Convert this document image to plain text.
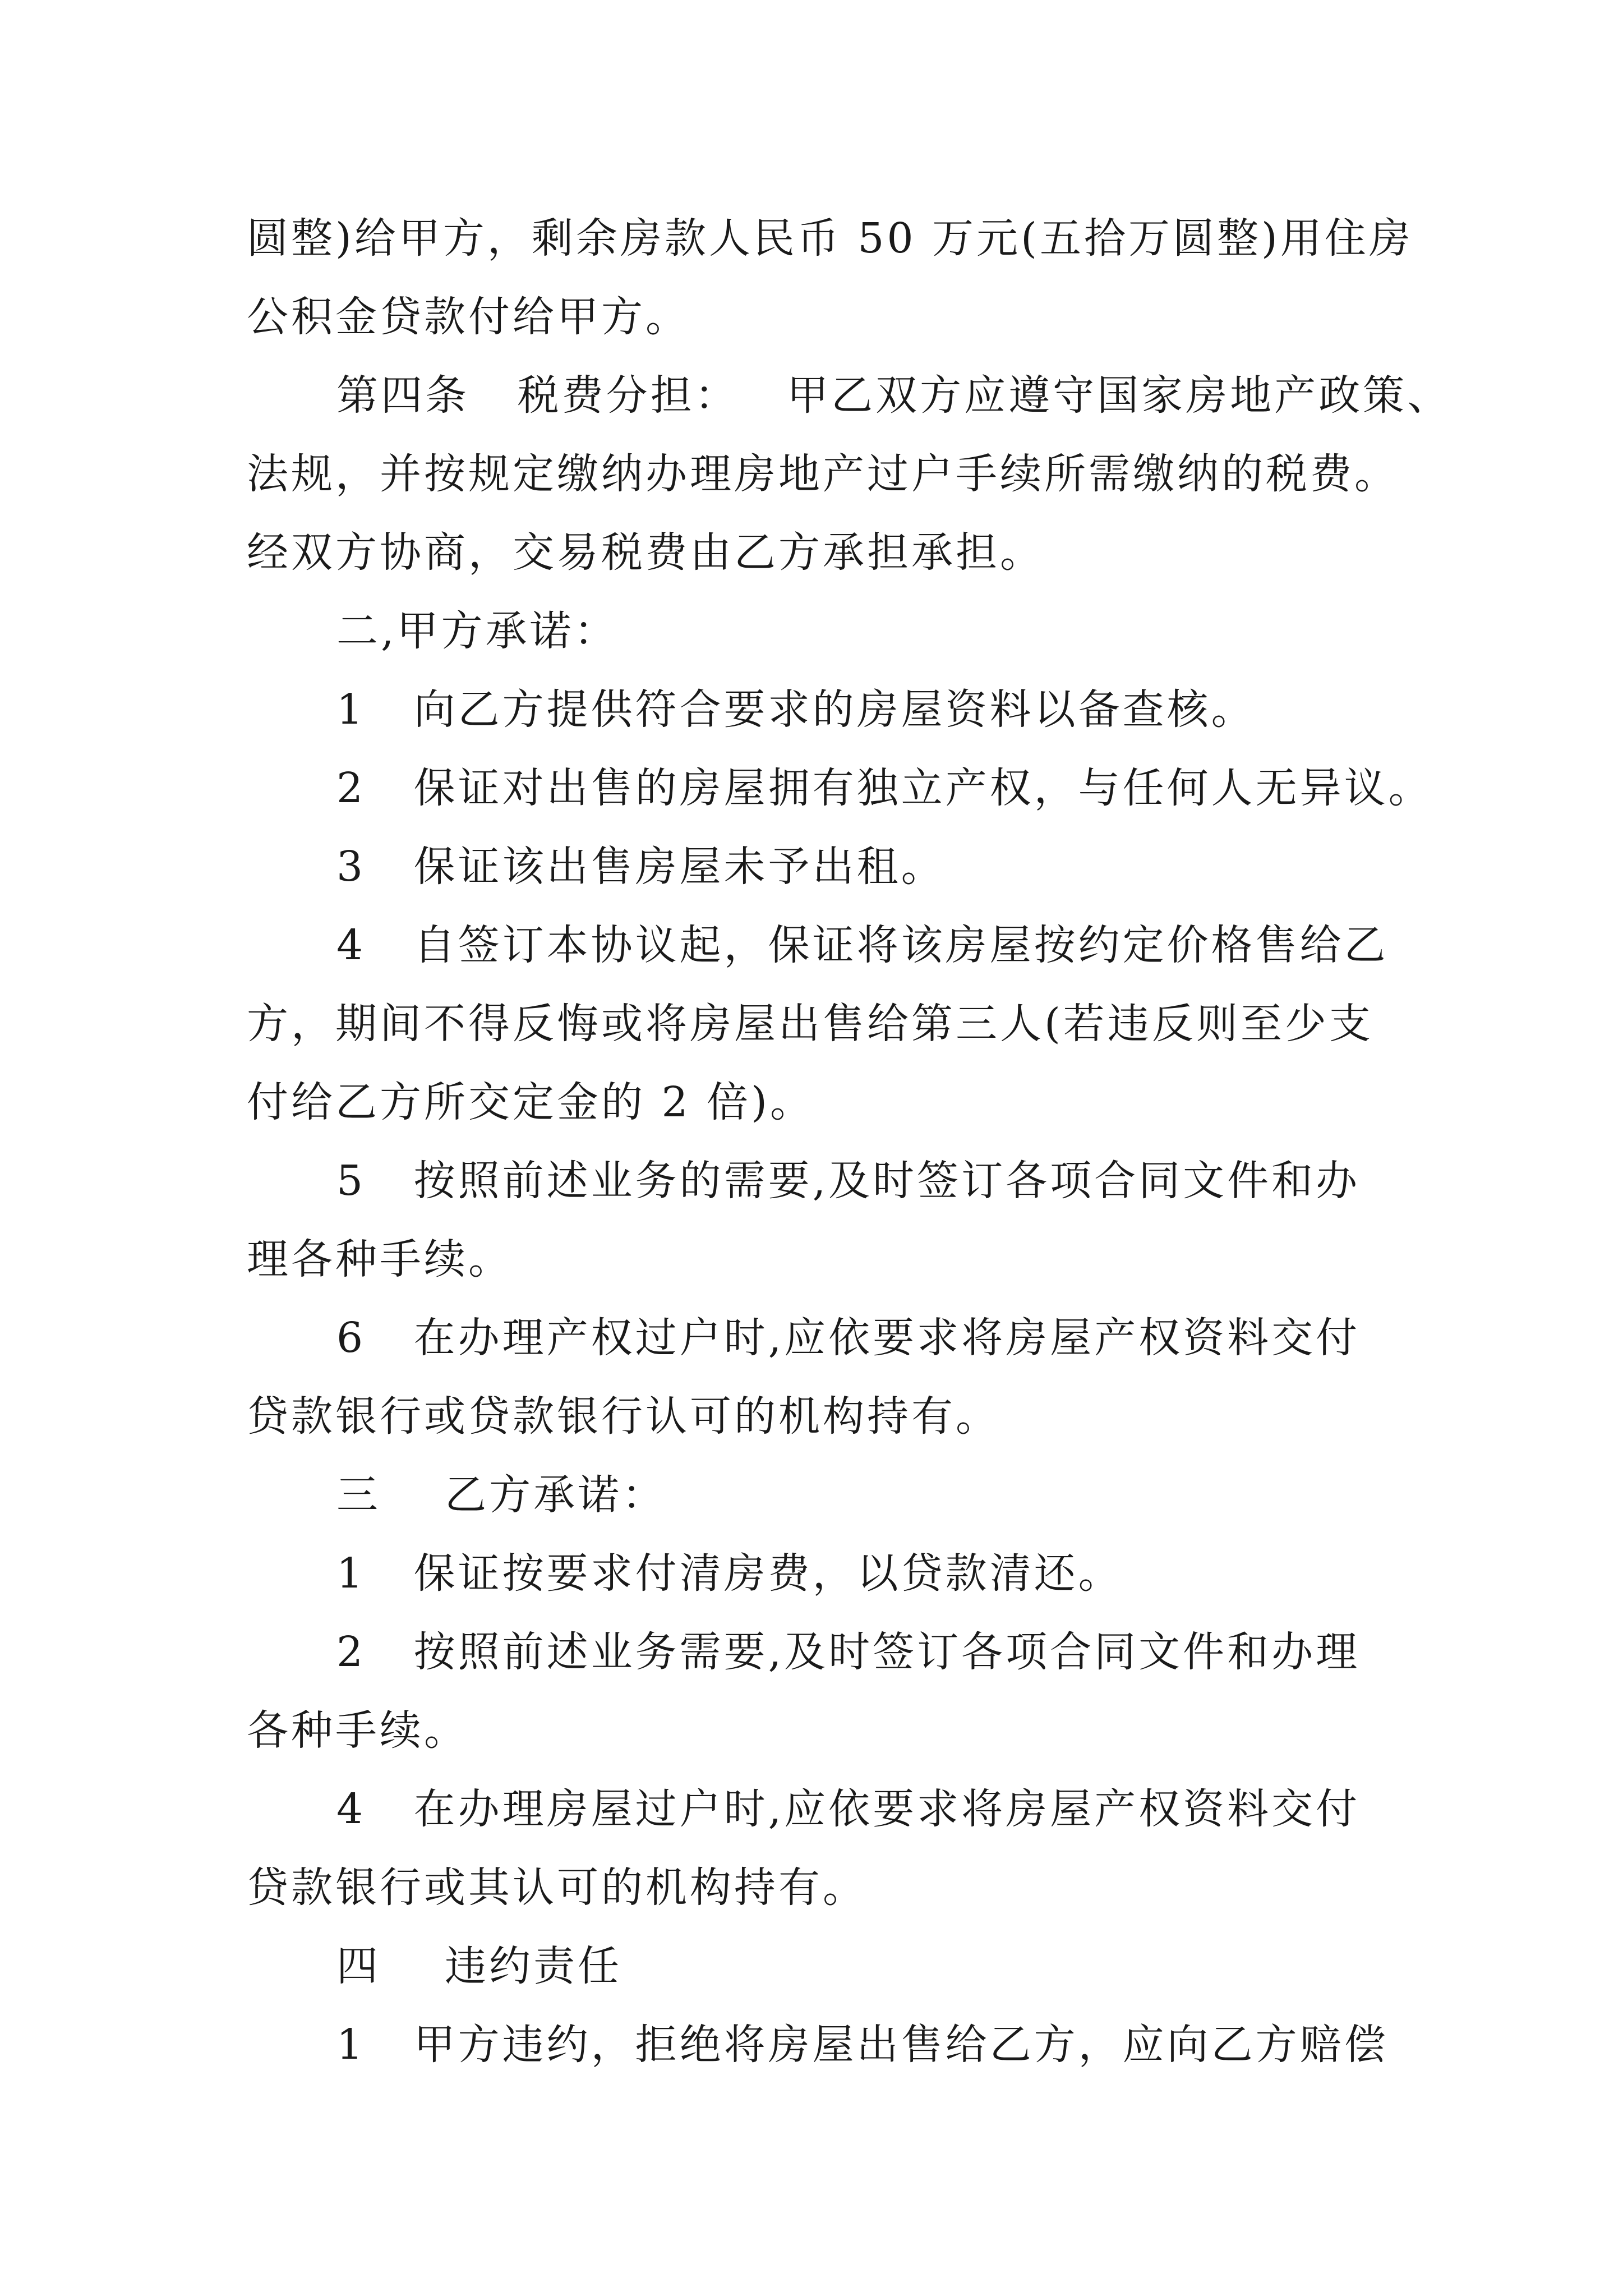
圆整)给甲方，剩余房款人民币 50 万元(五拾万圆整)用住房
公积金贷款付给甲方。
第四条   税费分担：   甲乙双方应遵守国家房地产政策、
法规，并按规定缴纳办理房地产过户手续所需缴纳的税费。
经双方协商，交易税费由乙方承担承担。
二,甲方承诺：
1   向乙方提供符合要求的房屋资料以备查核。
2   保证对出售的房屋拥有独立产权，与任何人无异议。
3   保证该出售房屋未予出租。
4   自签订本协议起，保证将该房屋按约定价格售给乙
方，期间不得反悔或将房屋出售给第三人(若违反则至少支
付给乙方所交定金的 2 倍)。
5   按照前述业务的需要,及时签订各项合同文件和办
理各种手续。
6   在办理产权过户时,应依要求将房屋产权资料交付
贷款银行或贷款银行认可的机构持有。
三    乙方承诺：
1   保证按要求付清房费，以贷款清还。
2   按照前述业务需要,及时签订各项合同文件和办理
各种手续。
4   在办理房屋过户时,应依要求将房屋产权资料交付
贷款银行或其认可的机构持有。
四    违约责任
1   甲方违约，拒绝将房屋出售给乙方，应向乙方赔偿
